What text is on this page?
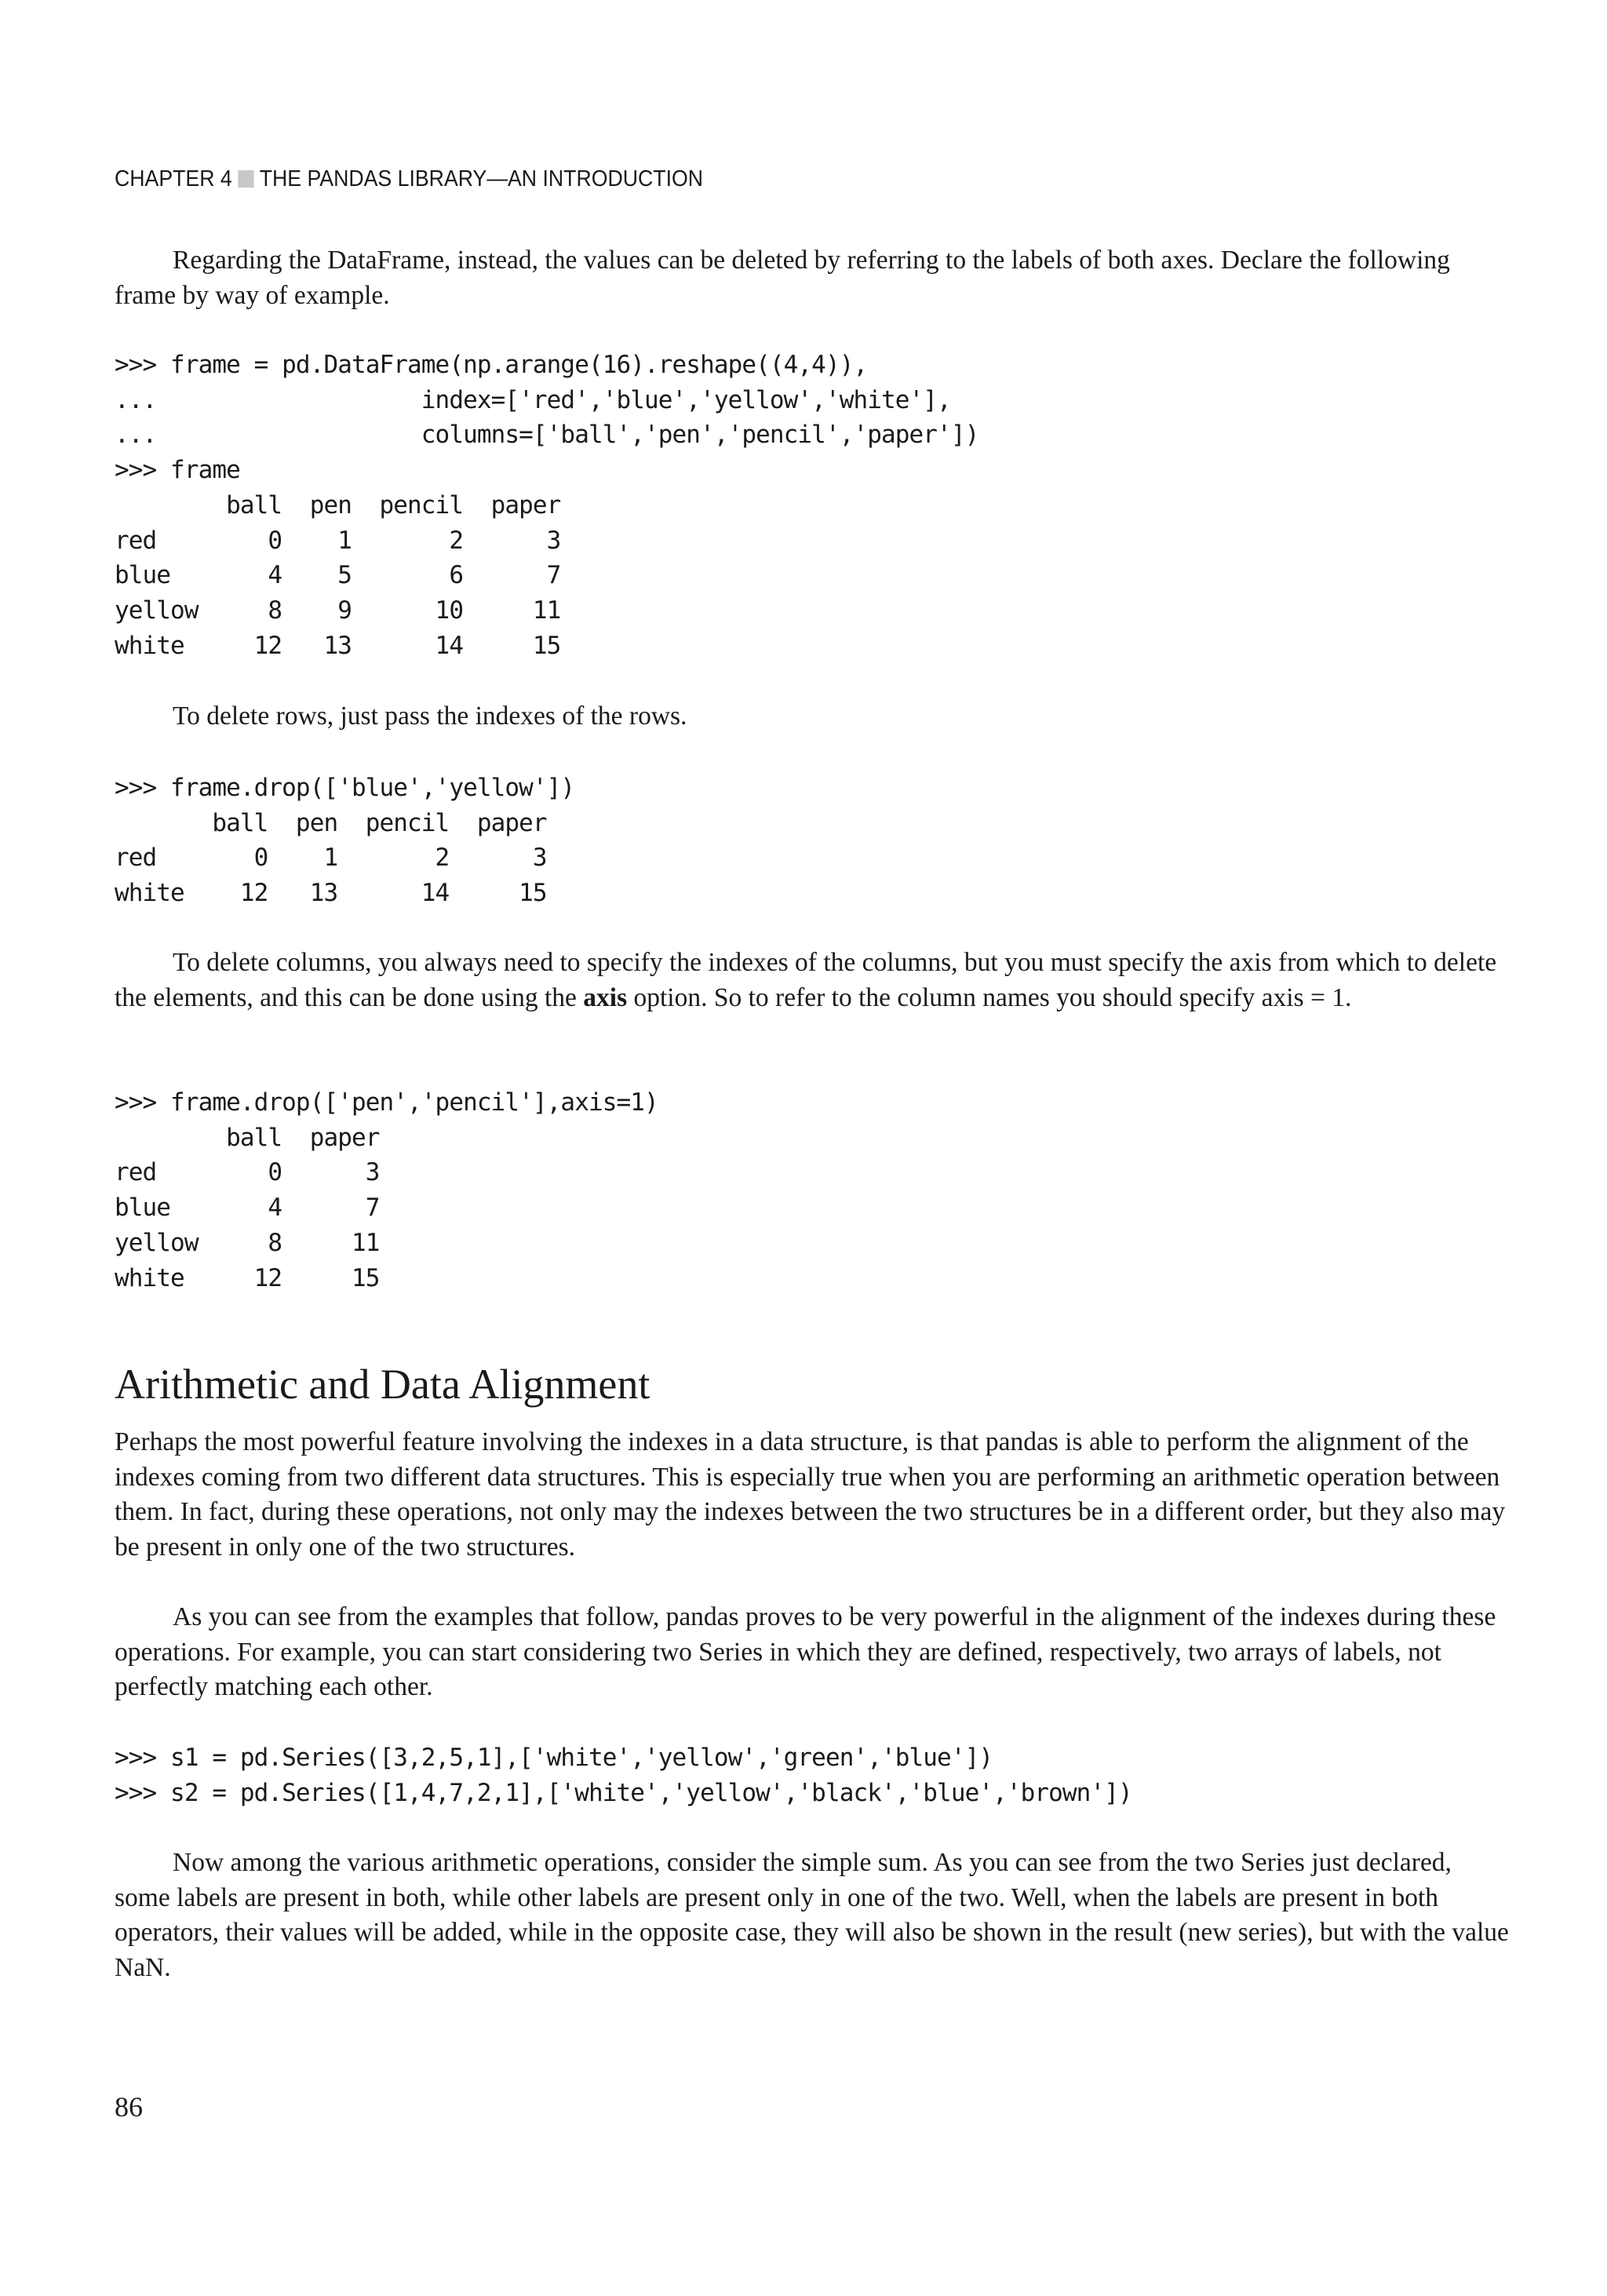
CHAPTER 4 THE PANDAS LIBRARY—AN INTRODUCTION

Regarding the DataFrame, instead, the values can be deleted by referring to the labels of both axes. Declare the following frame by way of example.

>>> frame = pd.DataFrame(np.arange(16).reshape((4,4)),
...                   index=['red','blue','yellow','white'],
...                   columns=['ball','pen','pencil','paper'])
>>> frame
ball  pen  pencil  paper
red        0    1       2      3
blue       4    5       6      7
yellow     8    9      10     11
white     12   13      14     15

To delete rows, just pass the indexes of the rows.

>>> frame.drop(['blue','yellow'])
ball  pen  pencil  paper
red       0    1       2      3
white    12   13      14     15

To delete columns, you always need to specify the indexes of the columns, but you must specify the axis from which to delete the elements, and this can be done using the axis option. So to refer to the column names you should specify axis = 1.

>>> frame.drop(['pen','pencil'],axis=1)
ball  paper
red        0      3
blue       4      7
yellow     8     11
white     12     15
Arithmetic and Data Alignment

Perhaps the most powerful feature involving the indexes in a data structure, is that pandas is able to perform the alignment of the indexes coming from two different data structures. This is especially true when you are performing an arithmetic operation between them. In fact, during these operations, not only may the indexes between the two structures be in a different order, but they also may be present in only one of the two structures.

As you can see from the examples that follow, pandas proves to be very powerful in the alignment of the indexes during these operations. For example, you can start considering two Series in which they are defined, respectively, two arrays of labels, not perfectly matching each other.

>>> s1 = pd.Series([3,2,5,1],['white','yellow','green','blue'])
>>> s2 = pd.Series([1,4,7,2,1],['white','yellow','black','blue','brown'])

Now among the various arithmetic operations, consider the simple sum. As you can see from the two Series just declared, some labels are present in both, while other labels are present only in one of the two. Well, when the labels are present in both operators, their values will be added, while in the opposite case, they will also be shown in the result (new series), but with the value NaN.

86
